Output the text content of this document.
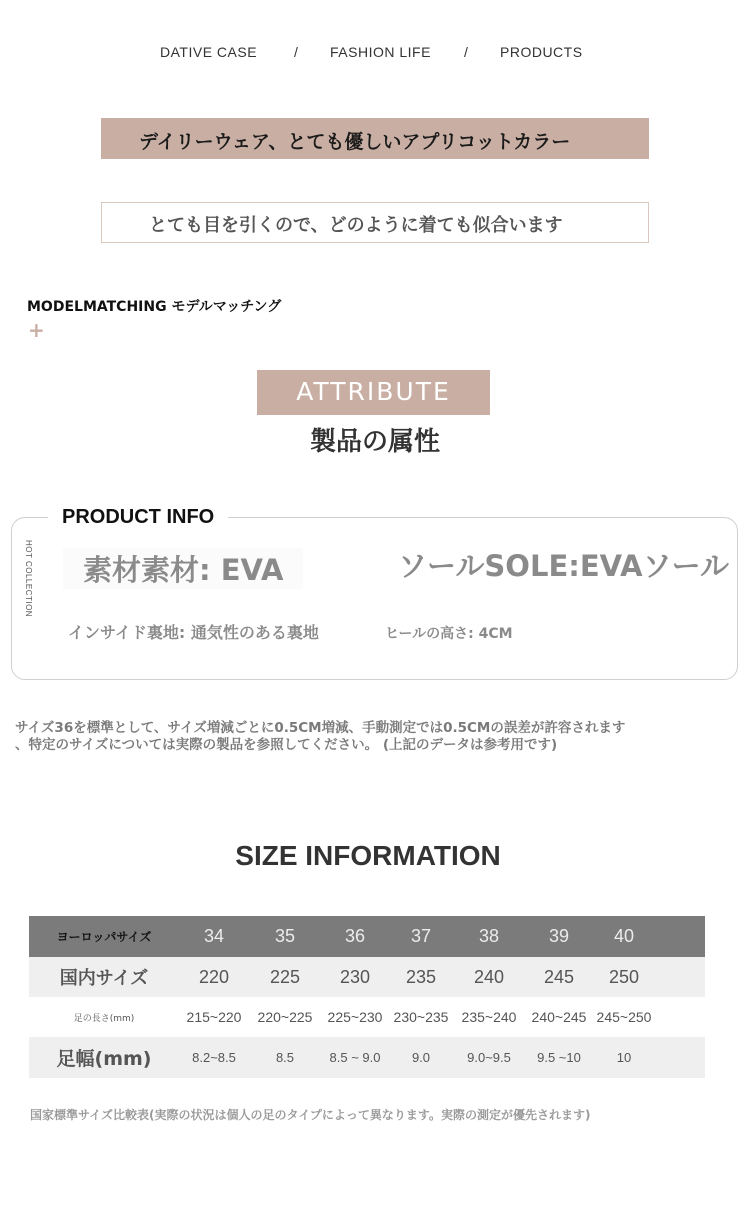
DATIVE CASE	/ FASHION LIFE / PRODUCTS
デイリーウェア、とても優しいアプリコットカラー
とても目を引くので、どのように着ても似合います
MODELMATCHING モデルマッチング
+
ATTRIBUTE
製品の属性
PRODUCT INFO
HOT COLLECTION	素材素材: EVA	ソールSOLE:EVAソール
インサイド裏地: 通気性のある裏地	ヒールの高さ: 4CM
サイズ36を標準として、サイズ増減ごとに0.5CM増減、手動測定では0.5CMの誤差が許容されます
、特定のサイズについては実際の製品を参照してください。 (上記のデータは参考用です)
SIZE INFORMATION
ヨーロッパサイズ	34	35	36	37	38	39	40	
国内サイズ	220	225	230	235	240	245	250	
足の長さ(mm)	215~220	220~225	225~230	230~235	235~240	240~245	245~250	
足幅(mm)	8.2~8.5	8.5	8.5 ~ 9.0	9.0	9.0~9.5	9.5 ~10	10	
国家標準サイズ比較表(実際の状況は個人の足のタイプによって異なります。実際の測定が優先されます)
